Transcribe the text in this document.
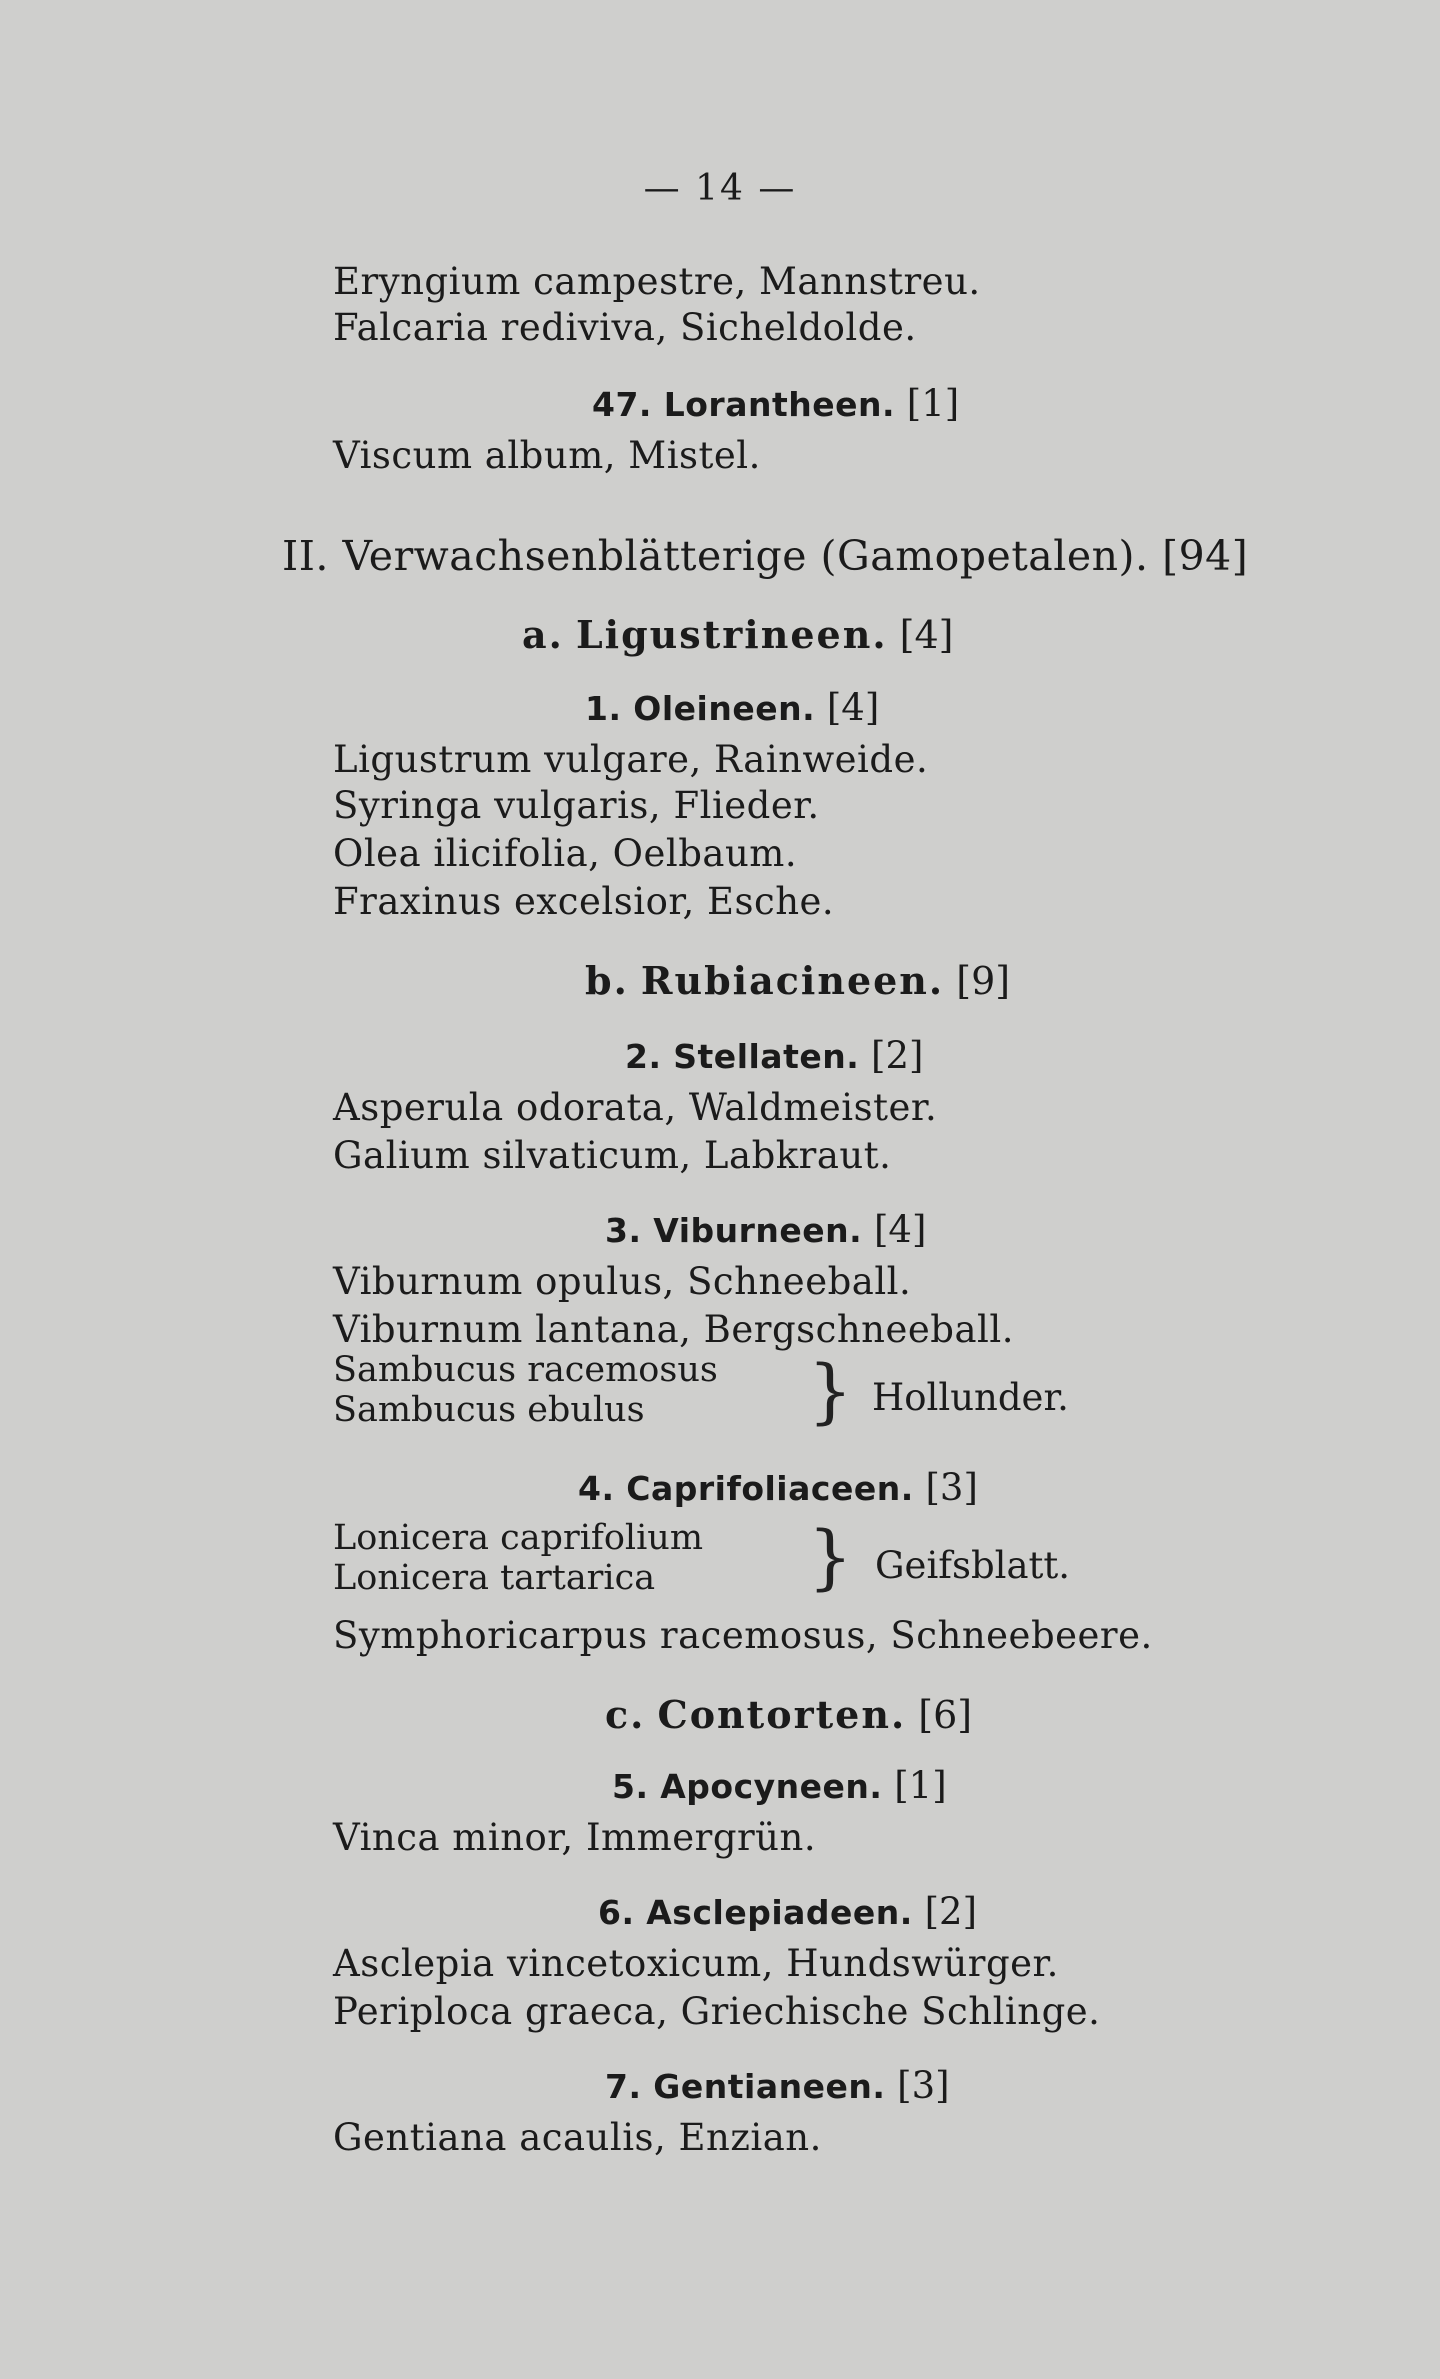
— 14 —
Eryngium campestre, Mannstreu.
Falcaria rediviva, Sicheldolde.
47. Lorantheen. [1]
Viscum album, Mistel.
II. Verwachsenblätterige (Gamopetalen). [94]
a. Ligustrineen. [4]
1. Oleineen. [4]
Ligustrum vulgare, Rainweide.
Syringa vulgaris, Flieder.
Olea ilicifolia, Oelbaum.
Fraxinus excelsior, Esche.
b. Rubiacineen. [9]
2. Stellaten. [2]
Asperula odorata, Waldmeister.
Galium silvaticum, Labkraut.
3. Viburneen. [4]
Viburnum opulus, Schneeball.
Viburnum lantana, Bergschneeball.
Sambucus racemosus
Sambucus ebulus	} Hollunder.
4. Caprifoliaceen. [3]
Lonicera caprifolium
Lonicera tartarica	} Geifsblatt.
Symphoricarpus racemosus, Schneebeere.
c. Contorten. [6]
5. Apocyneen. [1]
Vinca minor, Immergrün.
6. Asclepiadeen. [2]
Asclepia vincetoxicum, Hundswürger.
Periploca graeca, Griechische Schlinge.
7. Gentianeen. [3]
Gentiana acaulis, Enzian.
